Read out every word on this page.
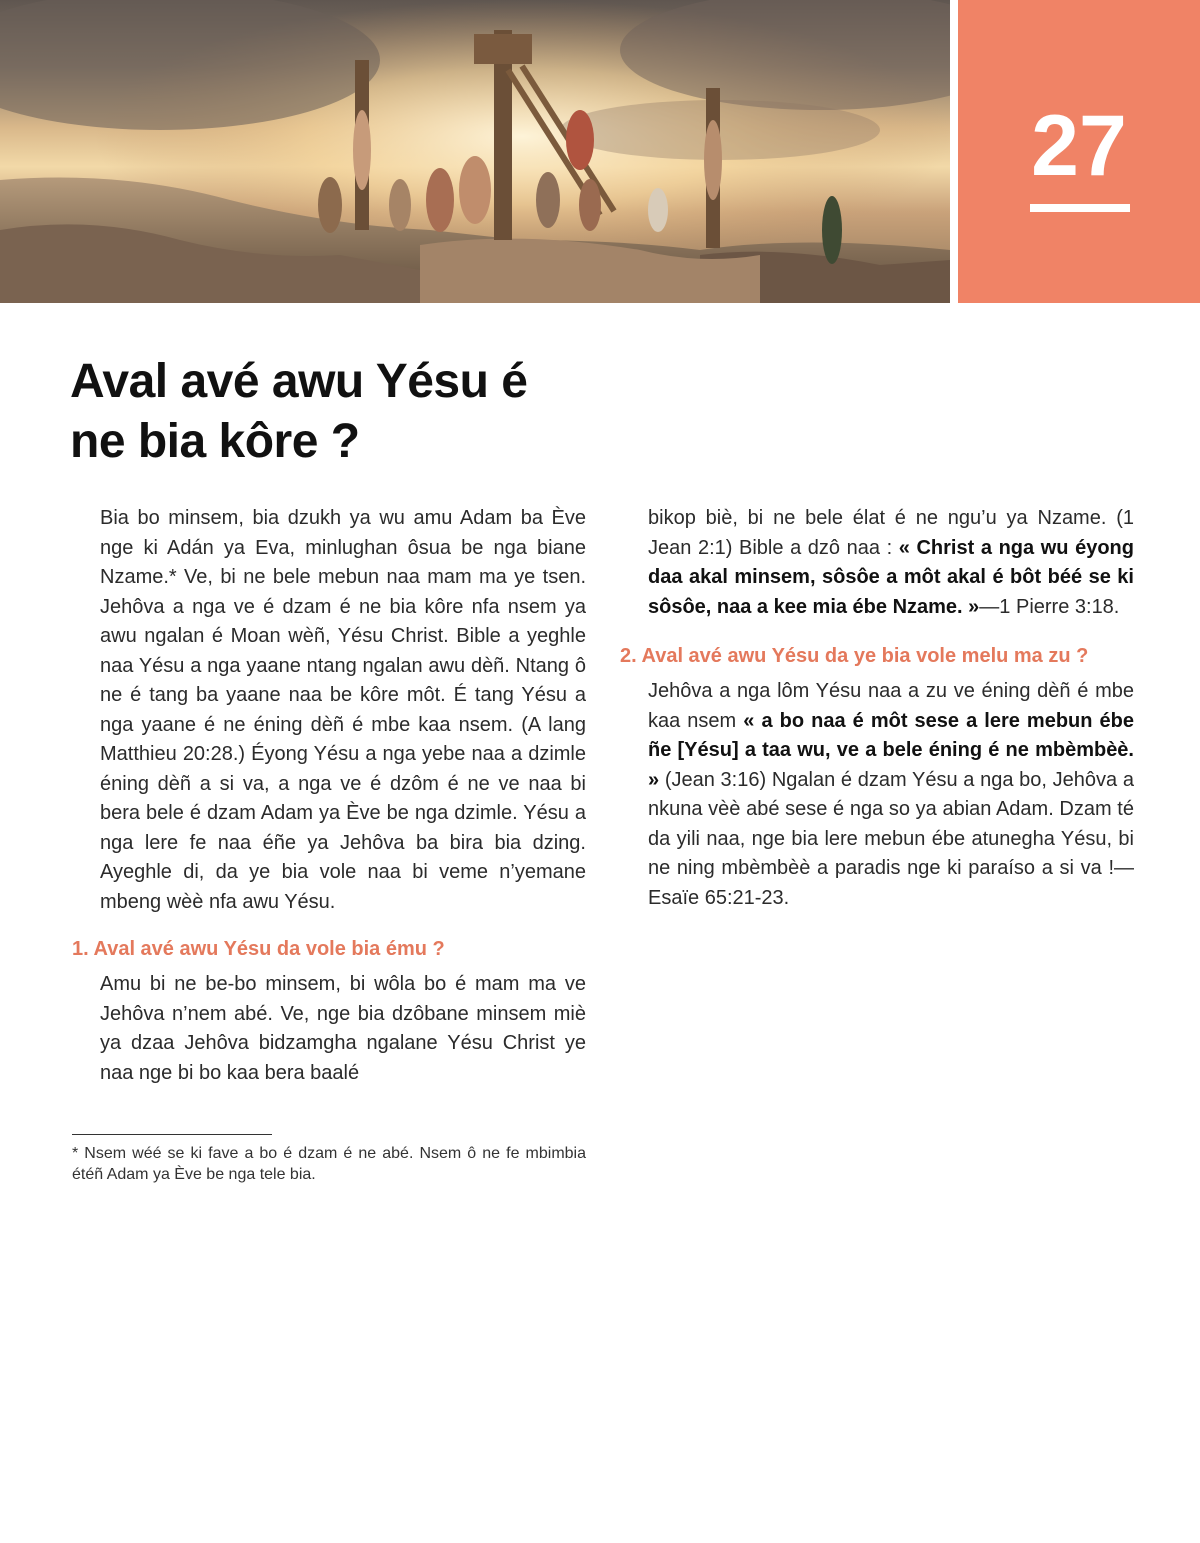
27
Aval avé awu Yésu é
ne bia kôre ?

Bia bo minsem, bia dzukh ya wu amu Adam ba Ève nge ki Adán ya Eva, minlughan ôsua be nga biane Nzame.* Ve, bi ne bele mebun naa mam ma ye tsen. Jehôva a nga ve é dzam é ne bia kôre nfa nsem ya awu ngalan é Moan wèñ, Yésu Christ. Bible a yeghle naa Yésu a nga yaane ntang ngalan awu dèñ. Ntang ô ne é tang ba yaane naa be kôre môt. É tang Yésu a nga yaane é ne éning dèñ é mbe kaa nsem. (A lang Matthieu 20:28.) Éyong Yésu a nga yebe naa a dzimle éning dèñ a si va, a nga ve é dzôm é ne ve naa bi bera bele é dzam Adam ya Ève be nga dzimle. Yésu a nga lere fe naa éñe ya Jehôva ba bira bia dzing. Ayeghle di, da ye bia vole naa bi veme n’yemane mbeng wèè nfa awu Yésu.

1. Aval avé awu Yésu da vole bia ému ?

Amu bi ne be-bo minsem, bi wôla bo é mam ma ve Jehôva n’nem abé. Ve, nge bia dzôbane minsem miè ya dzaa Jehôva bidzamgha ngalane Yésu Christ ye naa nge bi bo kaa bera baalé

bikop biè, bi ne bele élat é ne ngu’u ya Nzame. (1 Jean 2:1) Bible a dzô naa : « Christ a nga wu éyong daa akal minsem, sôsôe a môt akal é bôt béé se ki sôsôe, naa a kee mia ébe Nzame. »—1 Pierre 3:18.

2. Aval avé awu Yésu da ye bia vole melu ma zu ?

Jehôva a nga lôm Yésu naa a zu ve éning dèñ é mbe kaa nsem « a bo naa é môt sese a lere mebun ébe ñe [Yésu] a taa wu, ve a bele éning é ne mbèmbèè. » (Jean 3:16) Ngalan é dzam Yésu a nga bo, Jehôva a nkuna vèè abé sese é nga so ya abian Adam. Dzam té da yili naa, nge bia lere mebun ébe atunegha Yésu, bi ne ning mbèmbèè a paradis nge ki paraíso a si va !—Esaïe 65:21-23.

* Nsem wéé se ki fave a bo é dzam é ne abé. Nsem ô ne fe mbimbia étéñ Adam ya Ève be nga tele bia.
